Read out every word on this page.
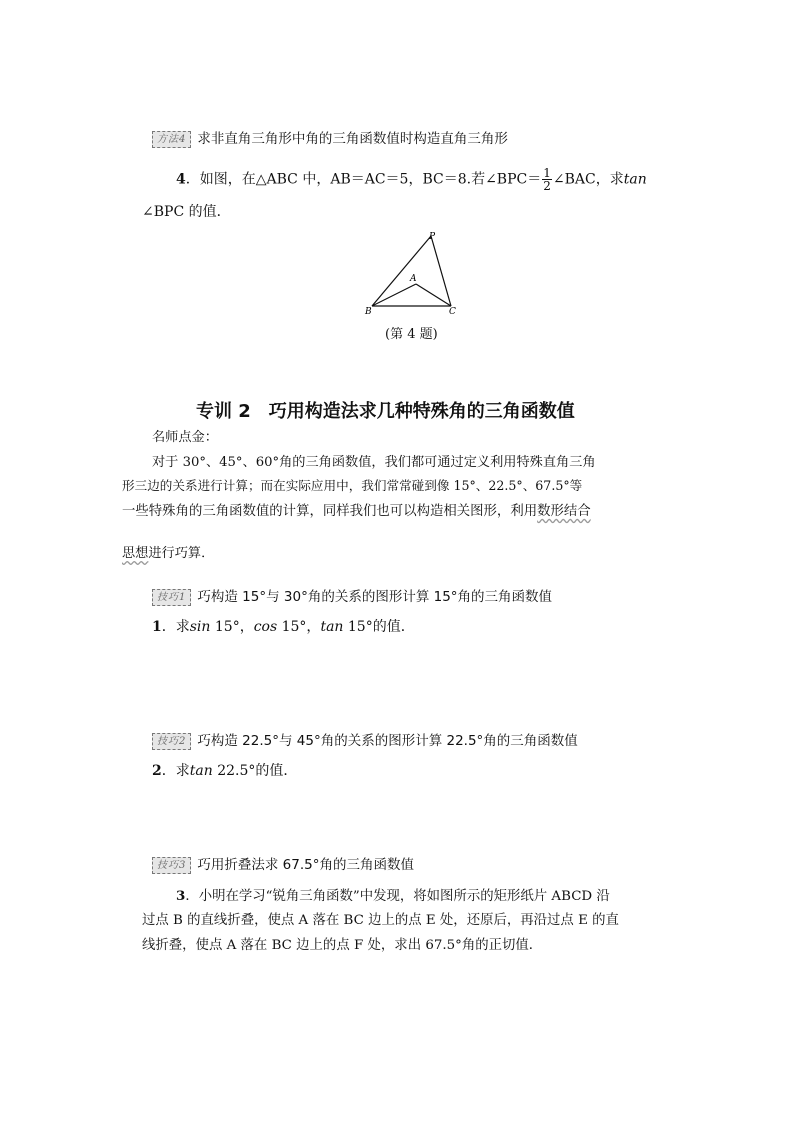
方法4 求非直角三角形中角的三角函数值时构造直角三角形
4．如图，在△ABC 中，AB＝AC＝5，BC＝8.若∠BPC＝ $\frac{1}{2}$ ∠BAC，求tan
∠BPC 的值．
P
A
B	C
(第 4 题)
专训 2　巧用构造法求几种特殊角的三角函数值
名师点金：
对于 30°、45°、60°角的三角函数值，我们都可通过定义利用特殊直角三角
形三边的关系进行计算；而在实际应用中，我们常常碰到像 15°、22.5°、67.5°等
一些特殊角的三角函数值的计算，同样我们也可以构造相关图形，利用数形结合
思想进行巧算．
技巧1 巧构造 15°与 30°角的关系的图形计算 15°角的三角函数值
1．求sin 15°，cos 15°，tan 15°的值．
技巧2 巧构造 22.5°与 45°角的关系的图形计算 22.5°角的三角函数值
2．求tan 22.5°的值．
技巧3 巧用折叠法求 67.5°角的三角函数值
3．小明在学习“锐角三角函数”中发现，将如图所示的矩形纸片 ABCD 沿
过点 B 的直线折叠，使点 A 落在 BC 边上的点 E 处，还原后，再沿过点 E 的直
线折叠，使点 A 落在 BC 边上的点 F 处，求出 67.5°角的正切值．
